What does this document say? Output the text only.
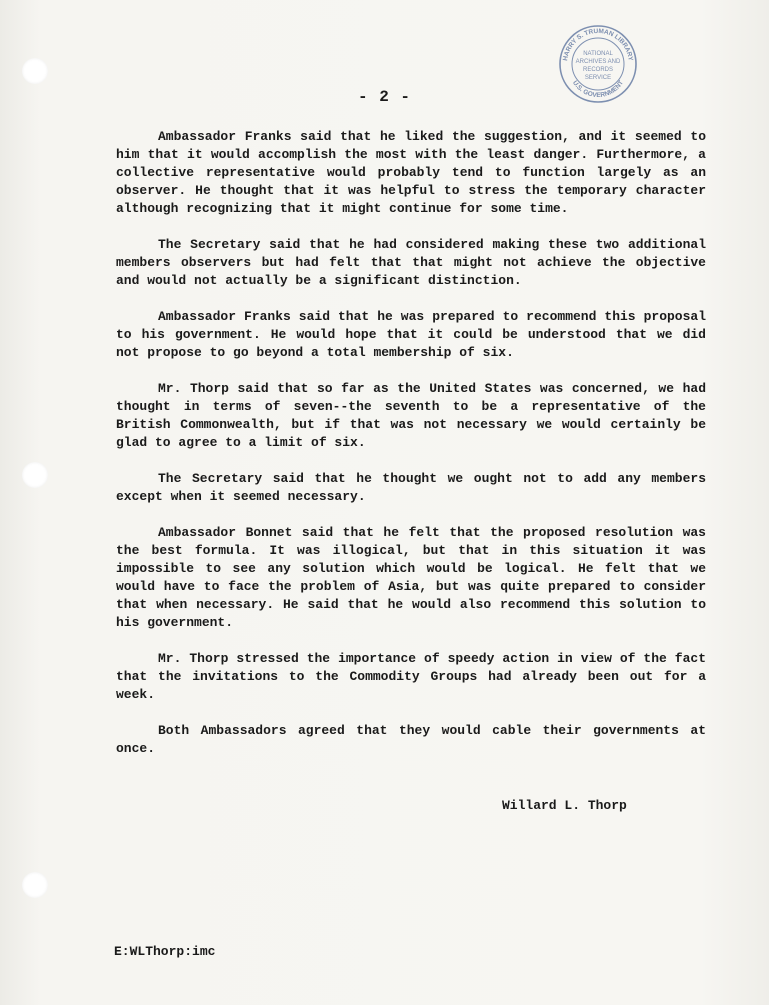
HARRY S. TRUMAN LIBRARY
U.S. GOVERNMENT
NATIONAL
ARCHIVES AND
RECORDS
SERVICE
- 2 -

Ambassador Franks said that he liked the suggestion, and it seemed to him that it would accomplish the most with the least danger. Furthermore, a collective representative would probably tend to function largely as an observer. He thought that it was helpful to stress the temporary character although recognizing that it might continue for some time.

The Secretary said that he had considered making these two additional members observers but had felt that that might not achieve the objective and would not actually be a significant distinction.

Ambassador Franks said that he was prepared to recommend this proposal to his government. He would hope that it could be understood that we did not propose to go beyond a total membership of six.

Mr. Thorp said that so far as the United States was concerned, we had thought in terms of seven--the seventh to be a representative of the British Commonwealth, but if that was not necessary we would certainly be glad to agree to a limit of six.

The Secretary said that he thought we ought not to add any members except when it seemed necessary.

Ambassador Bonnet said that he felt that the proposed resolution was the best formula. It was illogical, but that in this situation it was impossible to see any solution which would be logical. He felt that we would have to face the problem of Asia, but was quite prepared to consider that when necessary. He said that he would also recommend this solution to his government.

Mr. Thorp stressed the importance of speedy action in view of the fact that the invitations to the Commodity Groups had already been out for a week.

Both Ambassadors agreed that they would cable their governments at once.

Willard L. Thorp
E:WLThorp:imc
